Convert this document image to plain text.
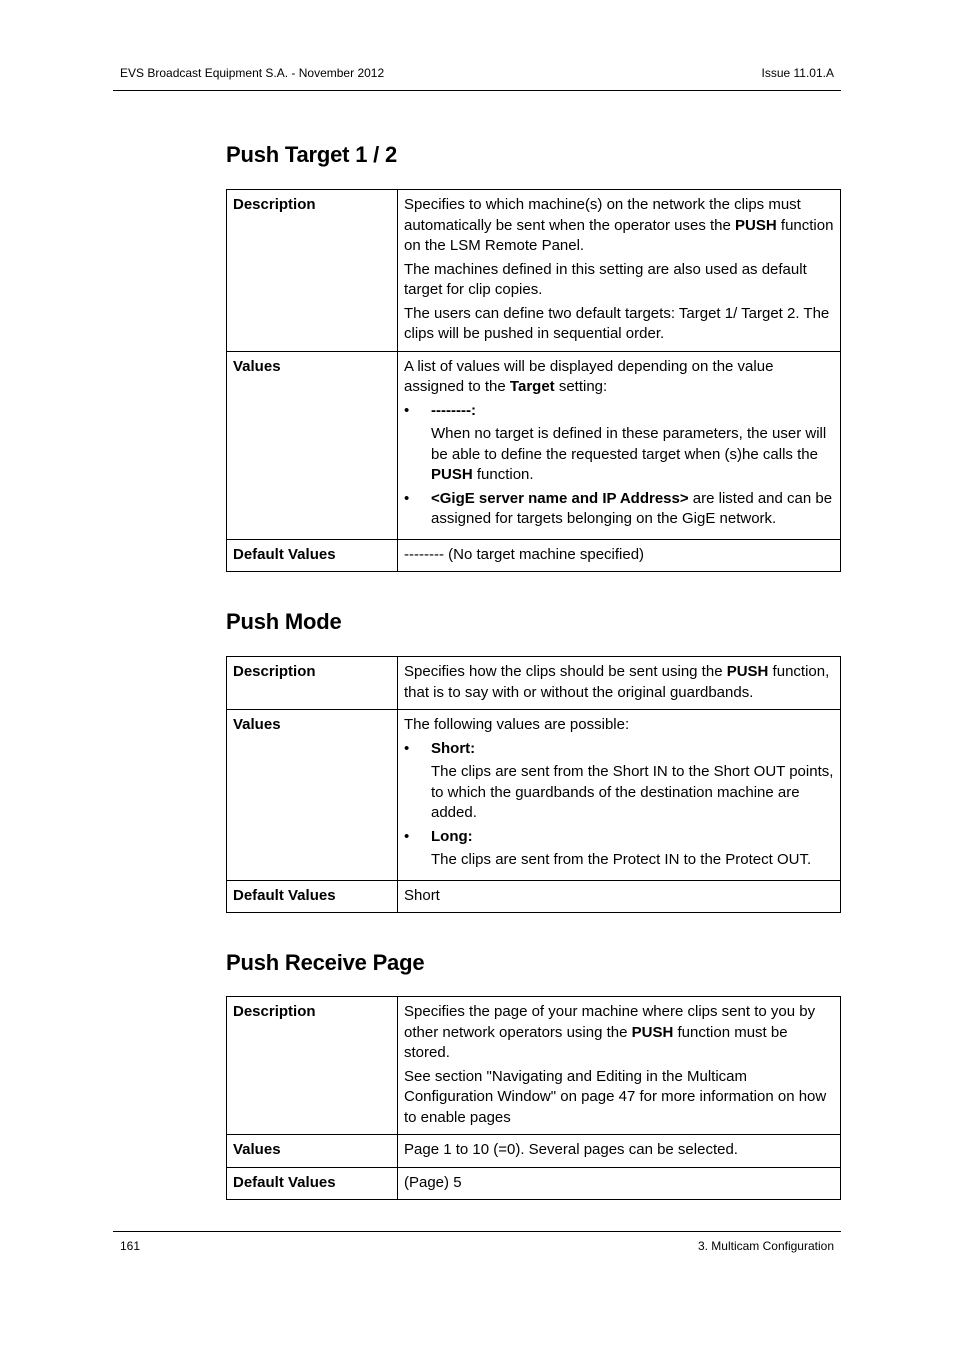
EVS Broadcast Equipment S.A. - November 2012	Issue 11.01.A
Push Target 1 / 2
Description	Specifies to which machine(s) on the network the clips must automatically be sent when the operator uses the PUSH function on the LSM Remote Panel.

The machines defined in this setting are also used as default target for clip copies.

The users can define two default targets: Target 1/ Target 2. The clips will be pushed in sequential order.

Values	A list of values will be displayed depending on the value assigned to the Target setting:

• --------:
When no target is defined in these parameters, the user will be able to define the requested target when (s)he calls the PUSH function.
• <GigE server name and IP Address> are listed and can be assigned for targets belonging on the GigE network.

Default Values	-------- (No target machine specified)
Push Mode
Description	Specifies how the clips should be sent using the PUSH function, that is to say with or without the original guardbands.

Values	The following values are possible:

• Short:
The clips are sent from the Short IN to the Short OUT points, to which the guardbands of the destination machine are added.
• Long:
The clips are sent from the Protect IN to the Protect OUT.

Default Values	Short
Push Receive Page
Description	Specifies the page of your machine where clips sent to you by other network operators using the PUSH function must be stored.

See section "Navigating and Editing in the Multicam Configuration Window" on page 47 for more information on how to enable pages

Values	Page 1 to 10 (=0). Several pages can be selected.
Default Values	(Page) 5
161	3. Multicam Configuration
